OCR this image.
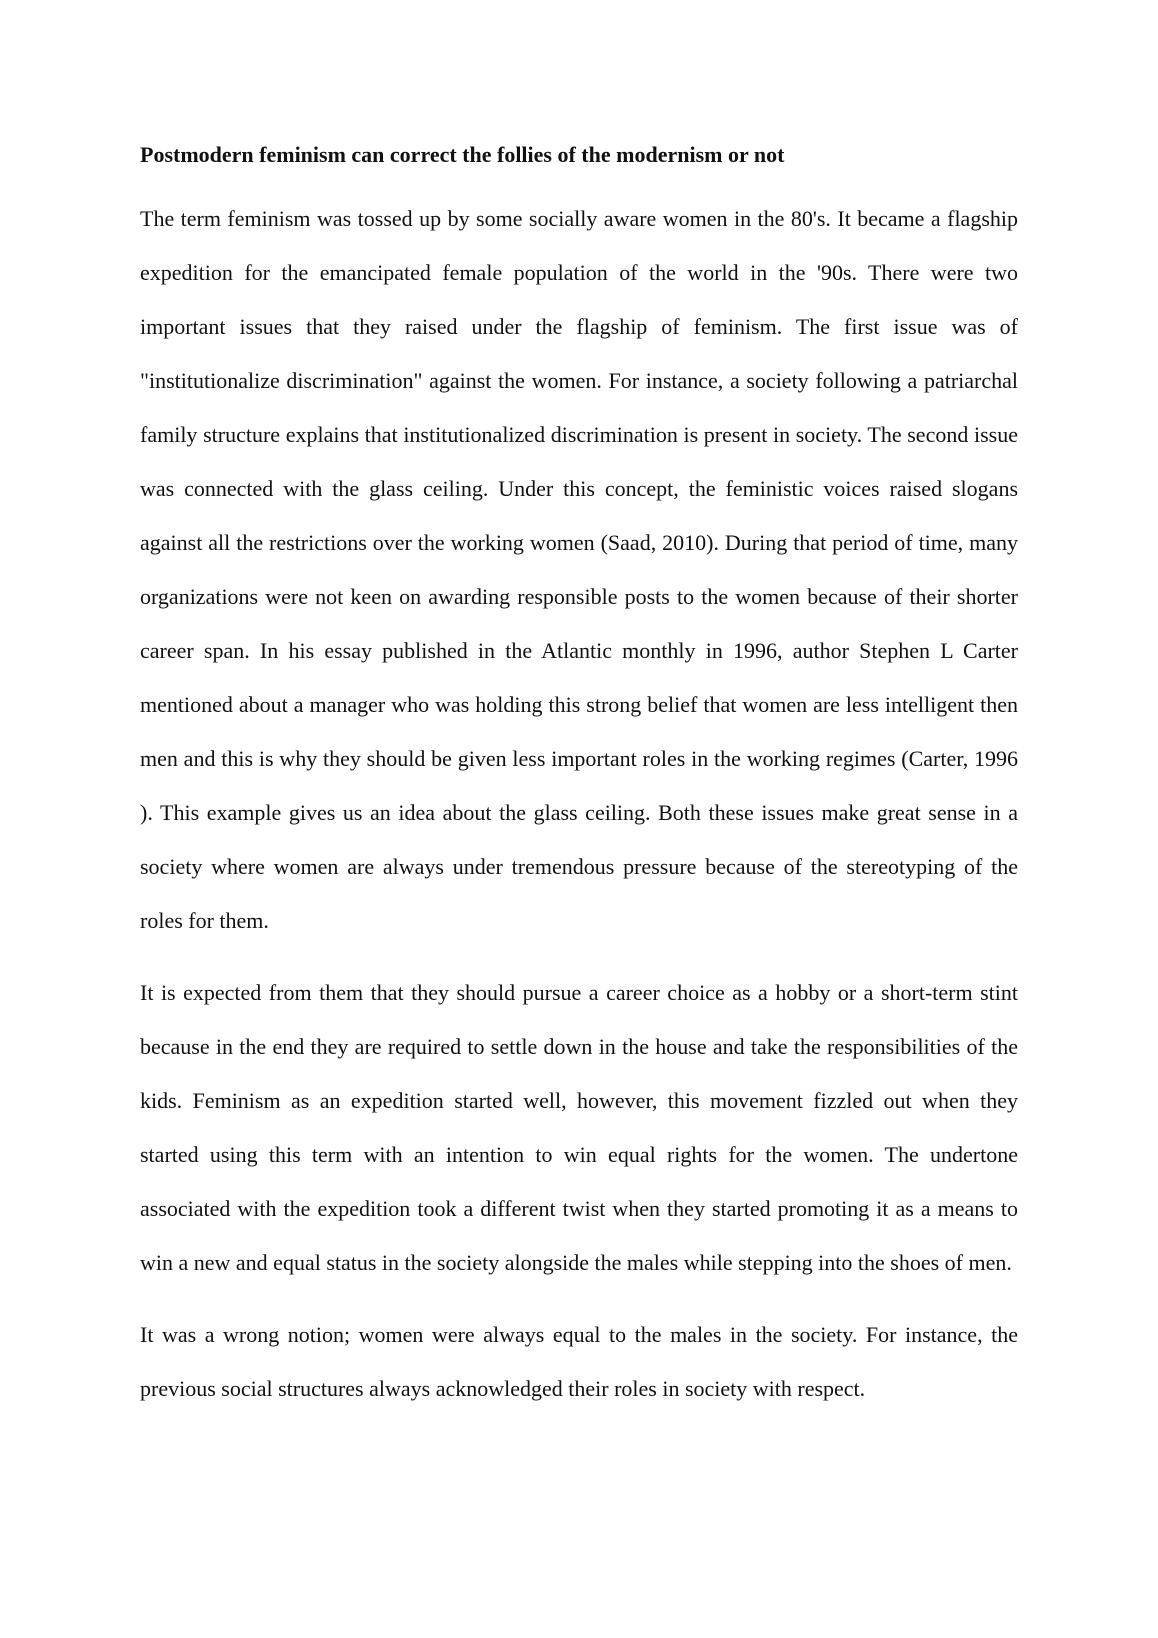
Postmodern feminism can correct the follies of the modernism or not

The term feminism was tossed up by some socially aware women in the 80's. It became a flagship expedition for the emancipated female population of the world in the '90s. There were two important issues that they raised under the flagship of feminism. The first issue was of "institutionalize discrimination" against the women. For instance, a society following a patriarchal family structure explains that institutionalized discrimination is present in society. The second issue was connected with the glass ceiling. Under this concept, the feministic voices raised slogans against all the restrictions over the working women (Saad, 2010). During that period of time, many organizations were not keen on awarding responsible posts to the women because of their shorter career span. In his essay published in the Atlantic monthly in 1996, author Stephen L Carter mentioned about a manager who was holding this strong belief that women are less intelligent then men and this is why they should be given less important roles in the working regimes (Carter, 1996 ). This example gives us an idea about the glass ceiling. Both these issues make great sense in a society where women are always under tremendous pressure because of the stereotyping of the roles for them.

It is expected from them that they should pursue a career choice as a hobby or a short-term stint because in the end they are required to settle down in the house and take the responsibilities of the kids. Feminism as an expedition started well, however, this movement fizzled out when they started using this term with an intention to win equal rights for the women. The undertone associated with the expedition took a different twist when they started promoting it as a means to win a new and equal status in the society alongside the males while stepping into the shoes of men.

It was a wrong notion; women were always equal to the males in the society. For instance, the previous social structures always acknowledged their roles in society with respect.
